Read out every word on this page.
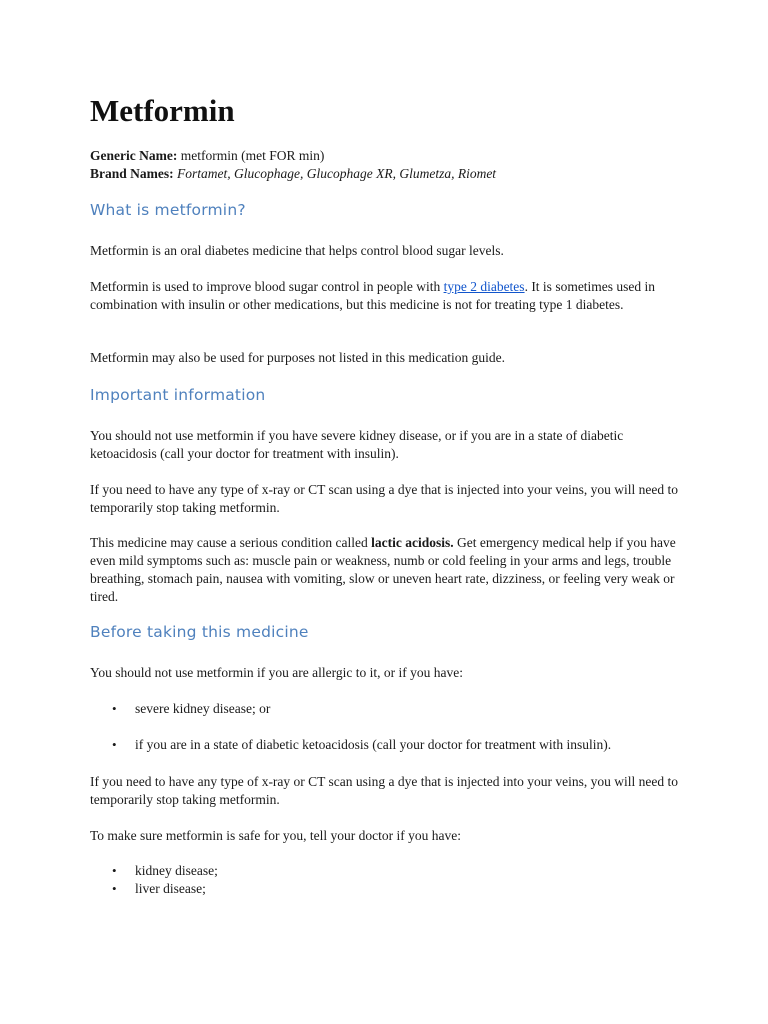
Metformin

Generic Name: metformin (met FOR min)

Brand Names: Fortamet, Glucophage, Glucophage XR, Glumetza, Riomet

What is metformin?

Metformin is an oral diabetes medicine that helps control blood sugar levels.

Metformin is used to improve blood sugar control in people with type 2 diabetes. It is sometimes used in combination with insulin or other medications, but this medicine is not for treating type 1 diabetes.

Metformin may also be used for purposes not listed in this medication guide.

Important information

You should not use metformin if you have severe kidney disease, or if you are in a state of diabetic ketoacidosis (call your doctor for treatment with insulin).

If you need to have any type of x-ray or CT scan using a dye that is injected into your veins, you will need to temporarily stop taking metformin.

This medicine may cause a serious condition called lactic acidosis. Get emergency medical help if you have even mild symptoms such as: muscle pain or weakness, numb or cold feeling in your arms and legs, trouble breathing, stomach pain, nausea with vomiting, slow or uneven heart rate, dizziness, or feeling very weak or tired.

Before taking this medicine

You should not use metformin if you are allergic to it, or if you have:

• severe kidney disease; or
• if you are in a state of diabetic ketoacidosis (call your doctor for treatment with insulin).

If you need to have any type of x-ray or CT scan using a dye that is injected into your veins, you will need to temporarily stop taking metformin.

To make sure metformin is safe for you, tell your doctor if you have:

• kidney disease;
• liver disease;
